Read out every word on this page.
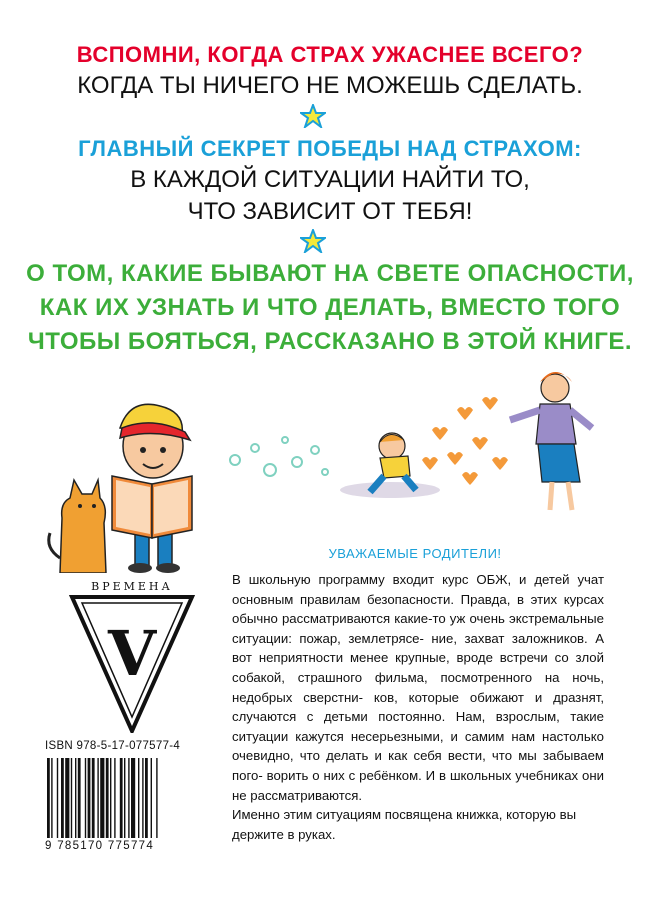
ВСПОМНИ, КОГДА СТРАХ УЖАСНЕЕ ВСЕГО?
КОГДА ТЫ НИЧЕГО НЕ МОЖЕШЬ СДЕЛАТЬ.
ГЛАВНЫЙ СЕКРЕТ ПОБЕДЫ НАД СТРАХОМ:
В КАЖДОЙ СИТУАЦИИ НАЙТИ ТО,
ЧТО ЗАВИСИТ ОТ ТЕБЯ!
О ТОМ, КАКИЕ БЫВАЮТ НА СВЕТЕ ОПАСНОСТИ,
КАК ИХ УЗНАТЬ И ЧТО ДЕЛАТЬ, ВМЕСТО ТОГО
ЧТОБЫ БОЯТЬСЯ, РАССКАЗАНО В ЭТОЙ КНИГЕ.
ВРЕМЕНА
V
ISBN 978-5-17-077577-4
9 785170 775774
УВАЖАЕМЫЕ РОДИТЕЛИ!

В школьную программу входит курс ОБЖ, и детей учат основным правилам безопасности. Правда, в этих курсах обычно рассматриваются какие-то уж очень экстремальные ситуации: пожар, землетрясе- ние, захват заложников. А вот неприятности менее крупные, вроде встречи со злой собакой, страшного фильма, посмотренного на ночь, недобрых сверстни- ков, которые обижают и дразнят, случаются с детьми постоянно. Нам, взрослым, такие ситуации кажутся несерьезными, и самим нам настолько очевидно, что делать и как себя вести, что мы забываем пого- ворить о них с ребёнком. И в школьных учебниках они не рассматриваются.

Именно этим ситуациям посвящена книжка, которую вы держите в руках.
